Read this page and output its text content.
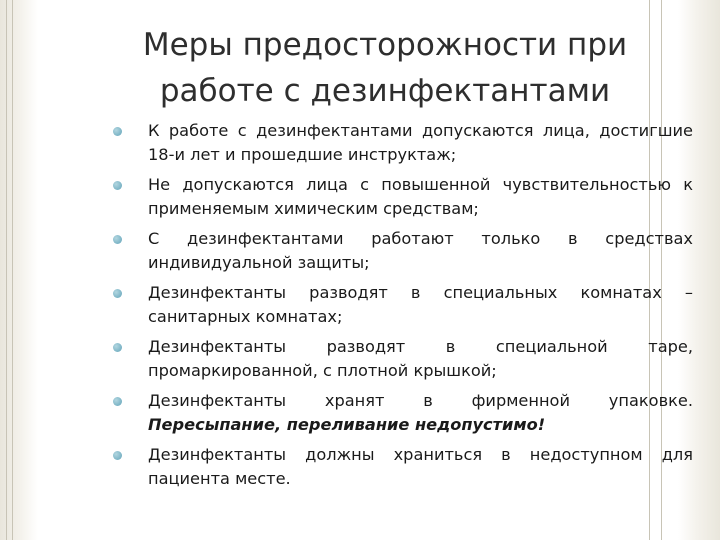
Меры предосторожности при
работе с дезинфектантами
К работе с дезинфектантами допускаются лица, достигшие 18-и лет и прошедшие инструктаж;
Не допускаются лица с повышенной чувствительностью к применяемым химическим средствам;
С дезинфектантами работают только в средствах индивидуальной защиты;
Дезинфектанты разводят в специальных комнатах – санитарных комнатах;
Дезинфектанты разводят в специальной таре, промаркированной, с плотной крышкой;
Дезинфектанты хранят в фирменной упаковке. Пересыпание, переливание недопустимо!
Дезинфектанты должны храниться в недоступном для пациента месте.
